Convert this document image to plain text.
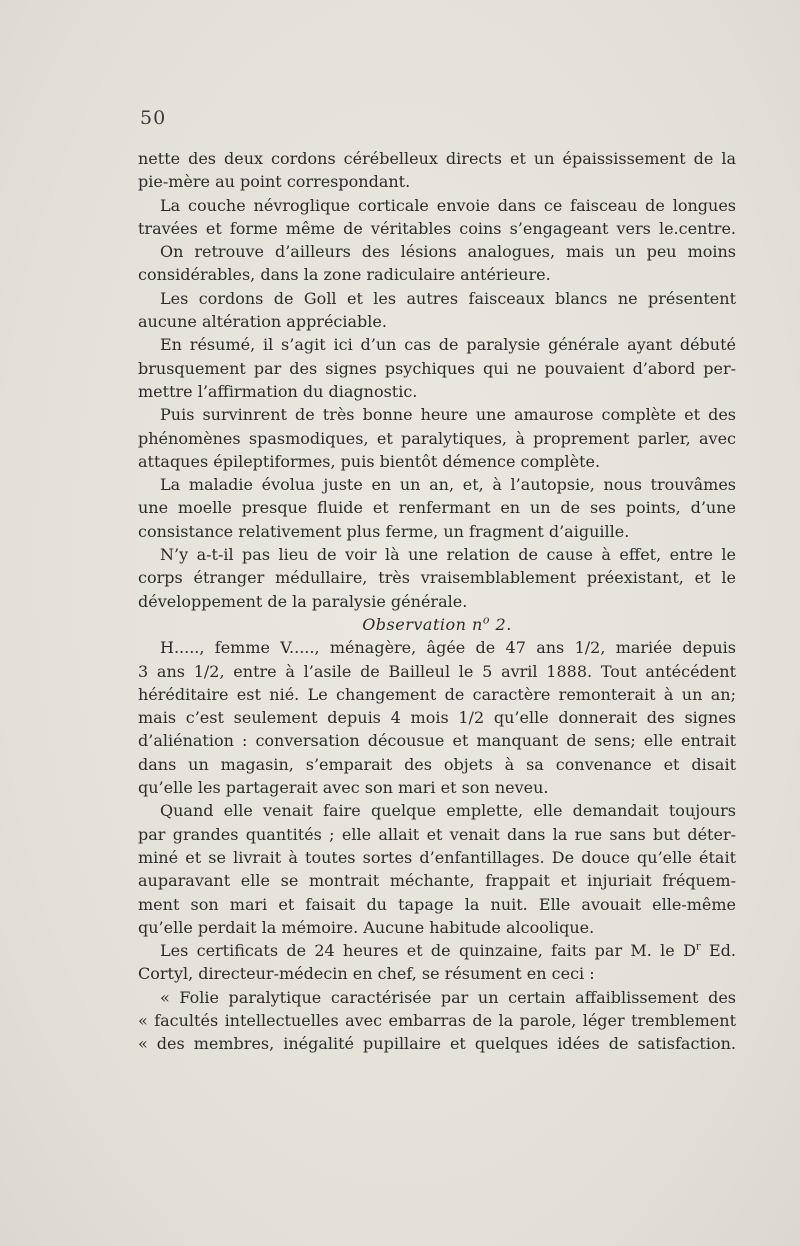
50
nette des deux cordons cérébelleux directs et un épaississement de la
pie-mère au point correspondant.
La couche névroglique corticale envoie dans ce faisceau de longues
travées et forme même de véritables coins s’engageant vers le.centre.
On retrouve d’ailleurs des lésions analogues, mais un peu moins
considérables, dans la zone radiculaire antérieure.
Les cordons de Goll et les autres faisceaux blancs ne présentent
aucune altération appréciable.
En résumé, il s’agit ici d’un cas de paralysie générale ayant débuté
brusquement par des signes psychiques qui ne pouvaient d’abord per-
mettre l’affirmation du diagnostic.
Puis survinrent de très bonne heure une amaurose complète et des
phénomènes spasmodiques, et paralytiques, à proprement parler, avec
attaques épileptiformes, puis bientôt démence complète.
La maladie évolua juste en un an, et, à l’autopsie, nous trouvâmes
une moelle presque fluide et renfermant en un de ses points, d’une
consistance relativement plus ferme, un fragment d’aiguille.
N’y a-t-il pas lieu de voir là une relation de cause à effet, entre le
corps étranger médullaire, très vraisemblablement préexistant, et le
développement de la paralysie générale.
Observation $n^o$ 2.
H....., femme V....., ménagère, âgée de 47 ans 1/2, mariée depuis
3 ans 1/2, entre à l’asile de Bailleul le 5 avril 1888. Tout antécédent
héréditaire est nié. Le changement de caractère remonterait à un an;
mais c’est seulement depuis 4 mois 1/2 qu’elle donnerait des signes
d’aliénation : conversation décousue et manquant de sens; elle entrait
dans un magasin, s’emparait des objets à sa convenance et disait
qu’elle les partagerait avec son mari et son neveu.
Quand elle venait faire quelque emplette, elle demandait toujours
par grandes quantités ; elle allait et venait dans la rue sans but déter-
miné et se livrait à toutes sortes d’enfantillages. De douce qu’elle était
auparavant elle se montrait méchante, frappait et injuriait fréquem-
ment son mari et faisait du tapage la nuit. Elle avouait elle-même
qu’elle perdait la mémoire. Aucune habitude alcoolique.
Les certificats de 24 heures et de quinzaine, faits par M. le $D^r$ Ed.
Cortyl, directeur-médecin en chef, se résument en ceci :
« Folie paralytique caractérisée par un certain affaiblissement des
« facultés intellectuelles avec embarras de la parole, léger tremblement
« des membres, inégalité pupillaire et quelques idées de satisfaction.
